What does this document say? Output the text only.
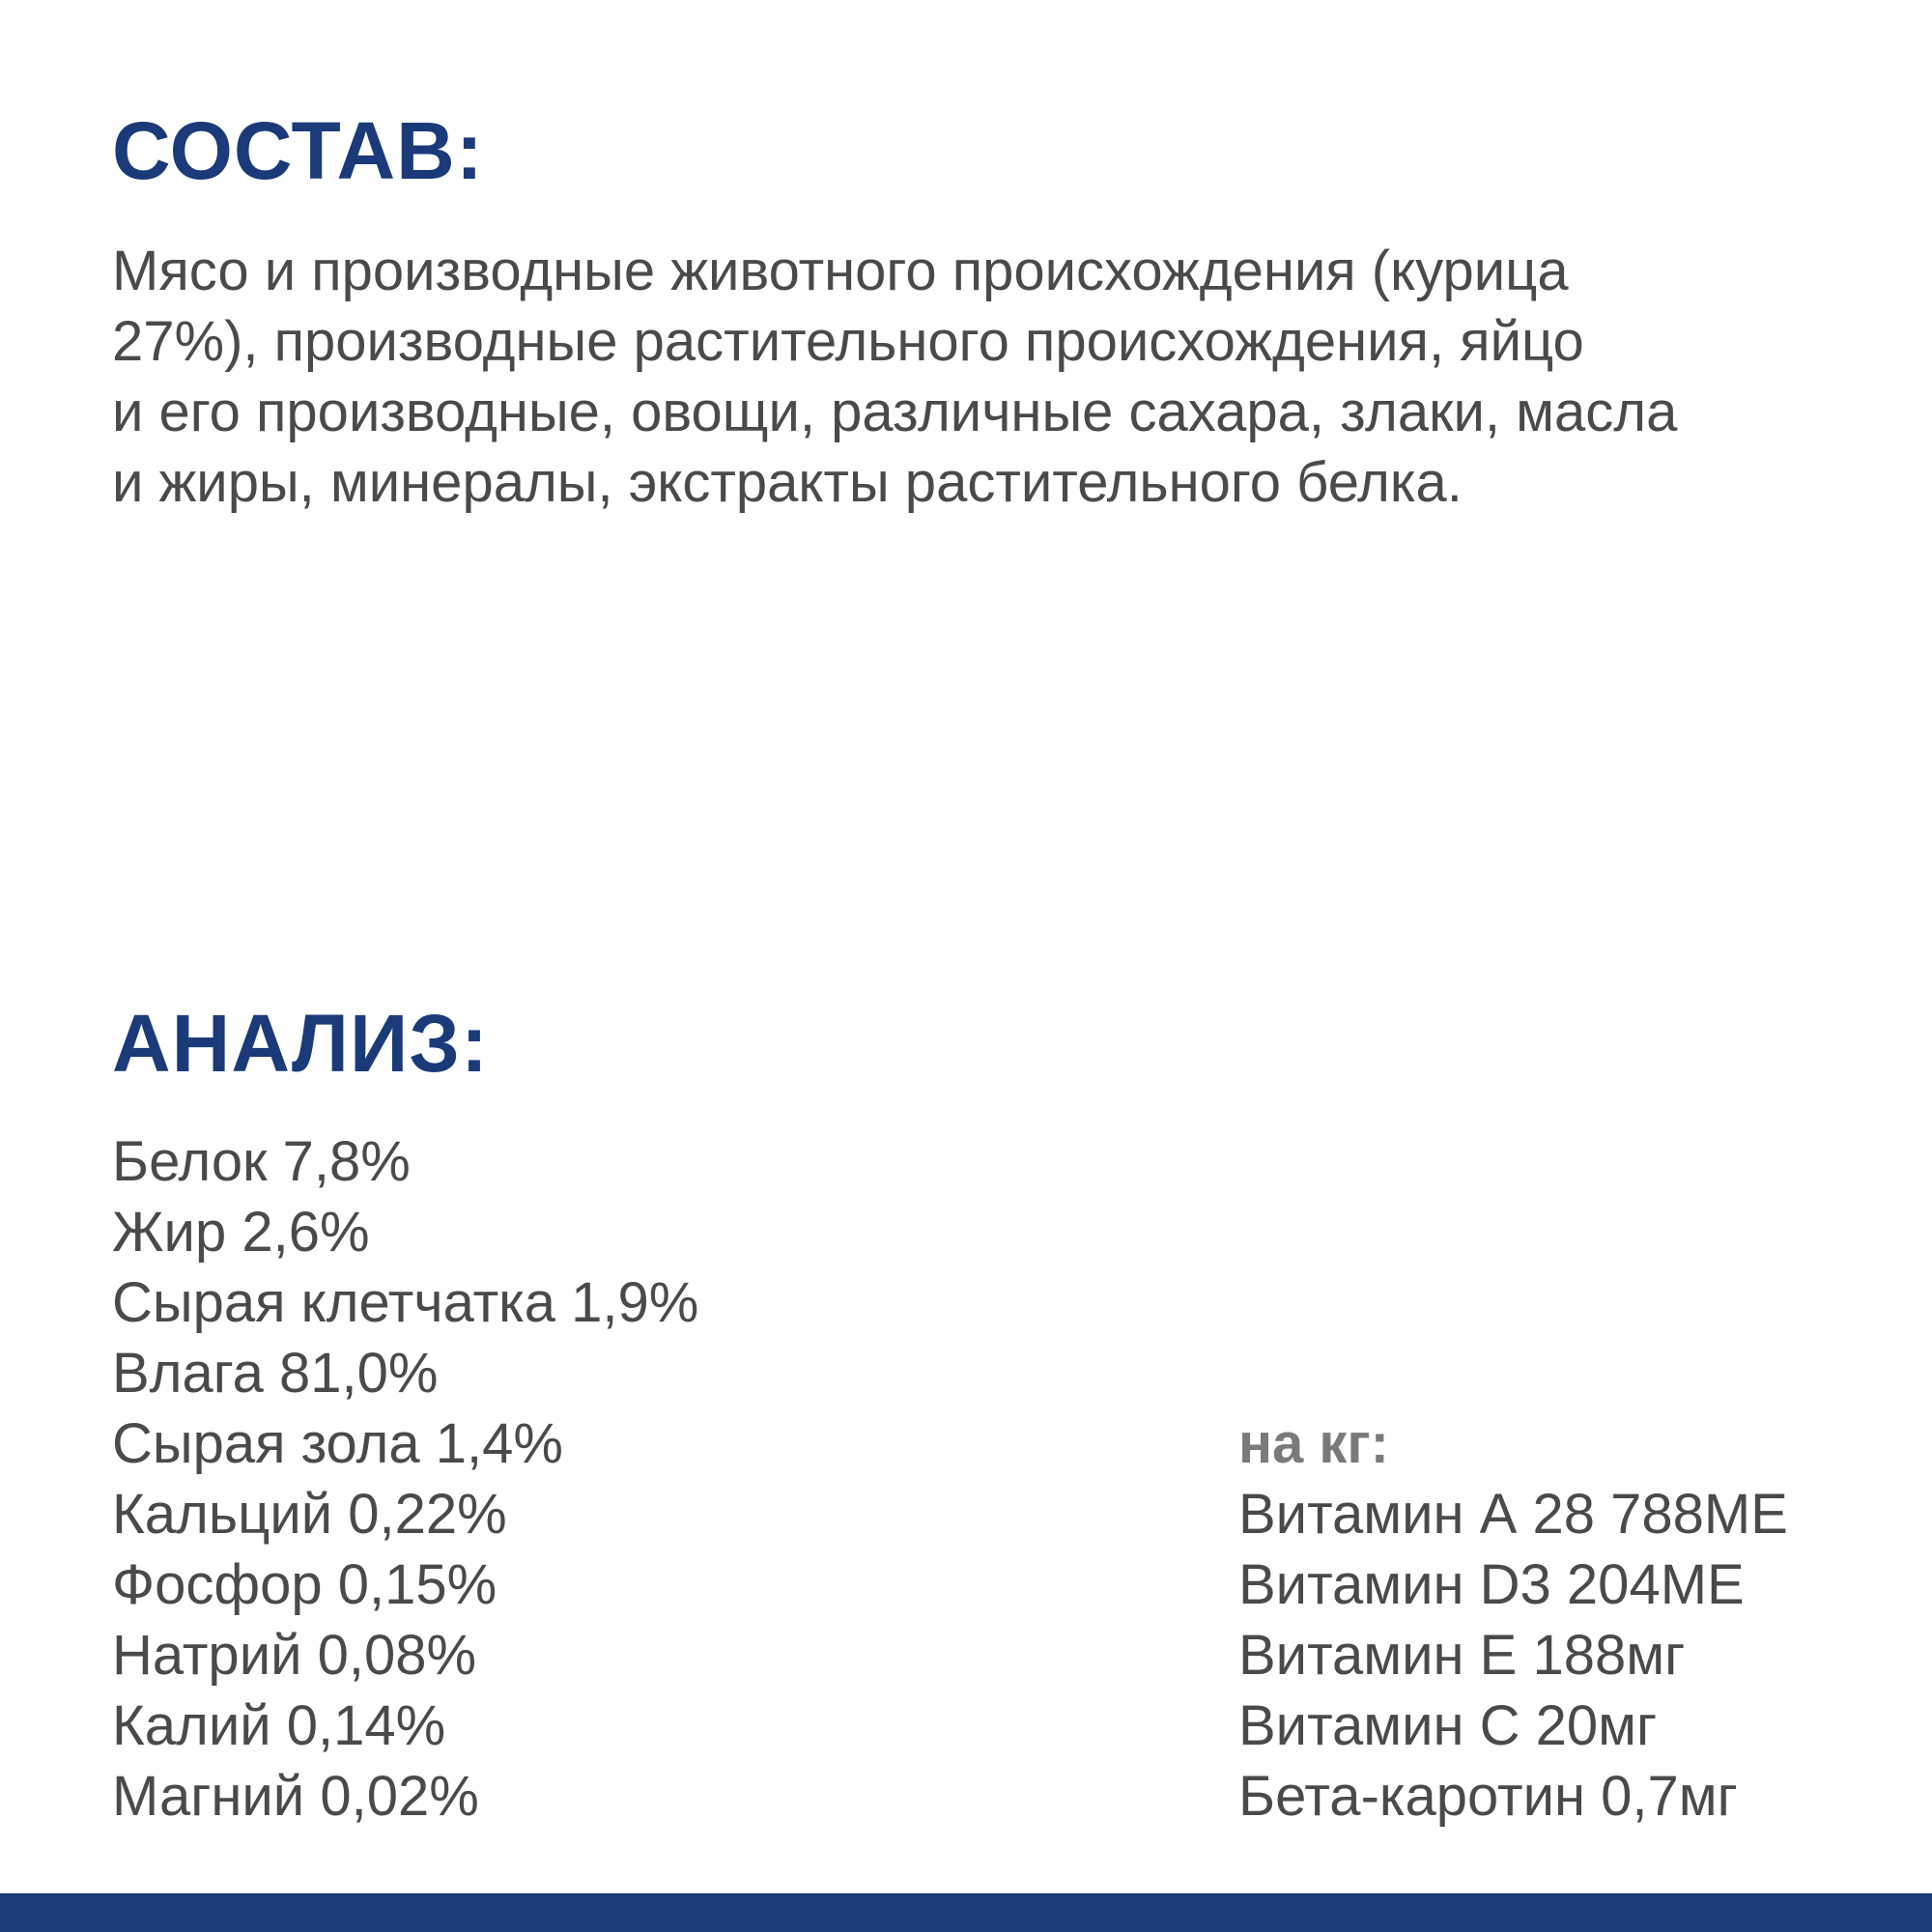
СОСТАВ:

Мясо и производные животного происхождения (курица
27%), производные растительного происхождения, яйцо
и его производные, овощи, различные сахара, злаки, масла
и жиры, минералы, экстракты растительного белка.

АНАЛИЗ:
Белок 7,8%
Жир 2,6%
Сырая клетчатка 1,9%
Влага 81,0%
Сырая зола 1,4%
Кальций 0,22%
Фосфор 0,15%
Натрий 0,08%
Калий 0,14%
Магний 0,02%
на кг:
Витамин А 28 788МЕ
Витамин D3 204МЕ
Витамин Е 188мг
Витамин С 20мг
Бета-каротин 0,7мг
